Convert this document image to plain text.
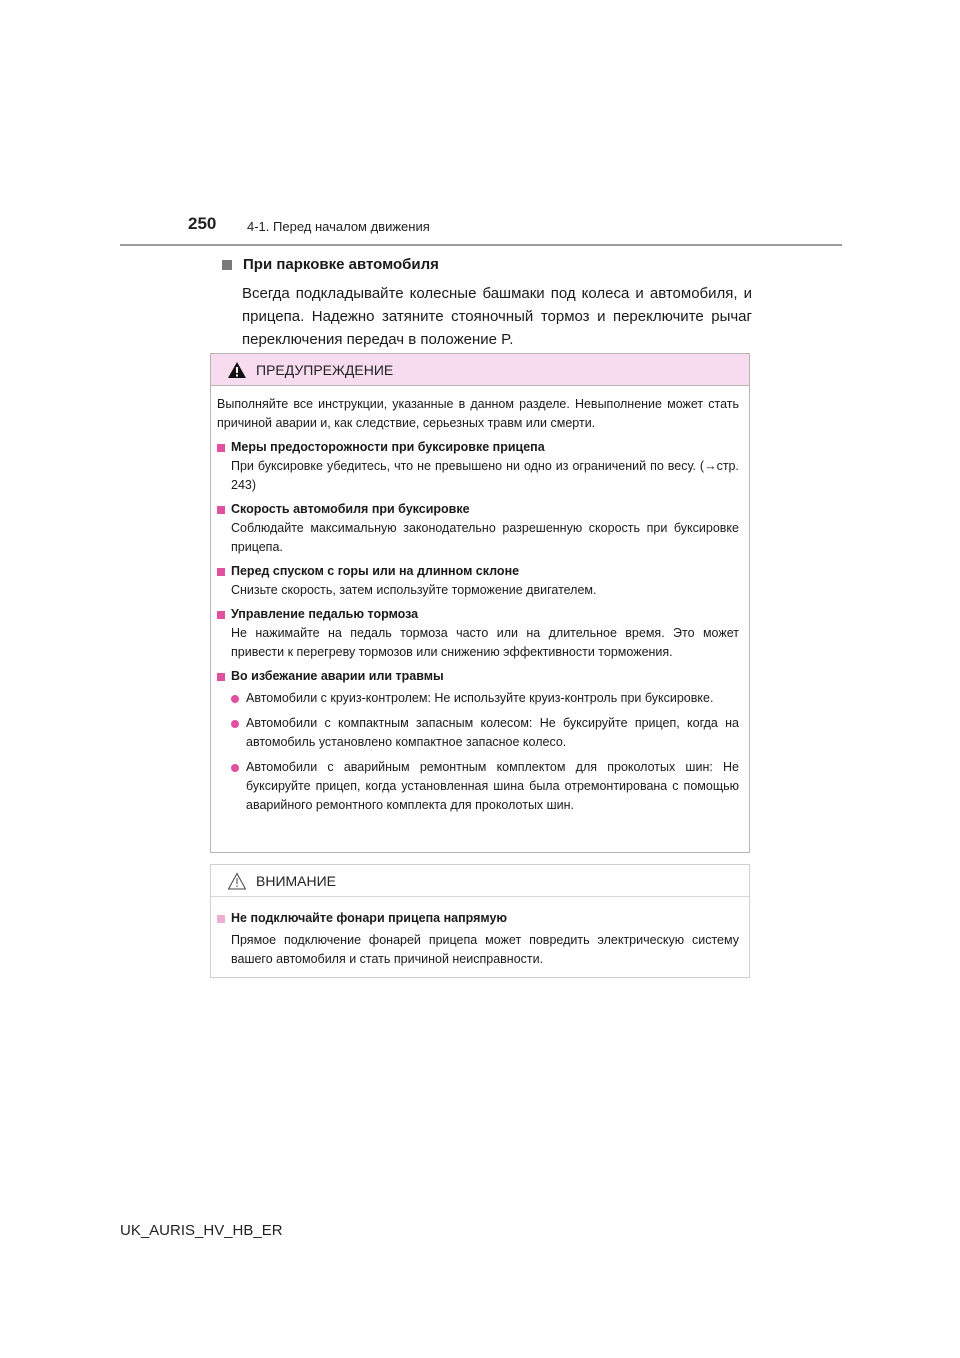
250 4-1. Перед началом движения
При парковке автомобиля
Всегда подкладывайте колесные башмаки под колеса и автомобиля, и прицепа. Надежно затяните стояночный тормоз и переключите рычаг переключения передач в положение P.
ПРЕДУПРЕЖДЕНИЕ
Выполняйте все инструкции, указанные в данном разделе. Невыполнение может стать причиной аварии и, как следствие, серьезных травм или смерти.
Меры предосторожности при буксировке прицепа
При буксировке убедитесь, что не превышено ни одно из ограничений по весу. (→стр. 243)
Скорость автомобиля при буксировке
Соблюдайте максимальную законодательно разрешенную скорость при буксировке прицепа.
Перед спуском с горы или на длинном склоне
Снизьте скорость, затем используйте торможение двигателем.
Управление педалью тормоза
Не нажимайте на педаль тормоза часто или на длительное время. Это может привести к перегреву тормозов или снижению эффективности торможения.
Во избежание аварии или травмы
Автомобили с круиз-контролем: Не используйте круиз-контроль при буксировке.
Автомобили с компактным запасным колесом: Не буксируйте прицеп, когда на автомобиль установлено компактное запасное колесо.
Автомобили с аварийным ремонтным комплектом для проколотых шин: Не буксируйте прицеп, когда установленная шина была отремонтирована с помощью аварийного ремонтного комплекта для проколотых шин.
ВНИМАНИЕ
Не подключайте фонари прицепа напрямую
Прямое подключение фонарей прицепа может повредить электрическую систему вашего автомобиля и стать причиной неисправности.
UK_AURIS_HV_HB_ER
